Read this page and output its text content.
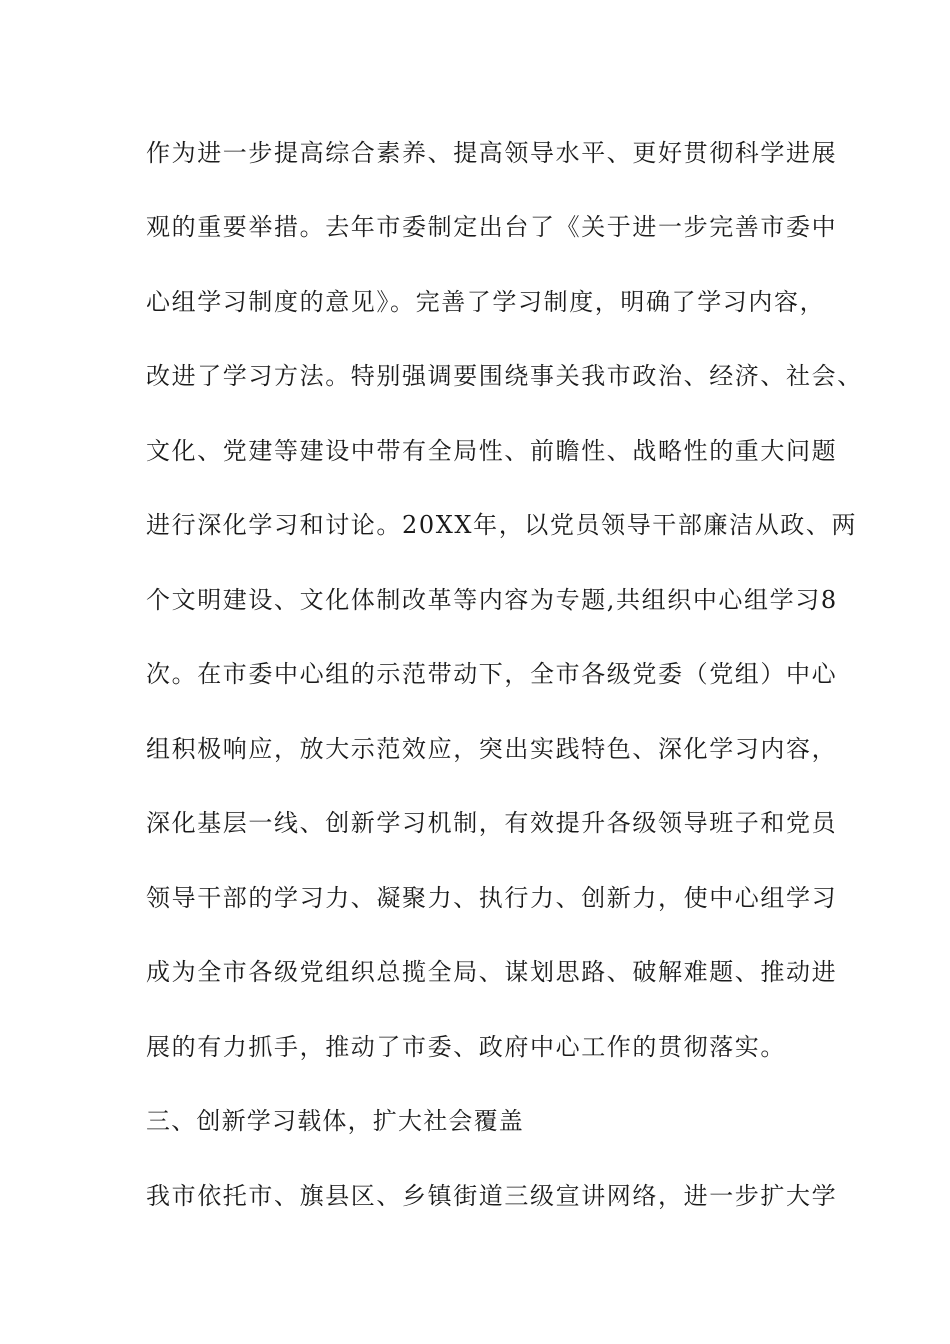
作为进一步提高综合素养、提高领导水平、更好贯彻科学进展
观的重要举措。去年市委制定出台了《关于进一步完善市委中
心组学习制度的意见》。完善了学习制度，明确了学习内容，
改进了学习方法。特别强调要围绕事关我市政治、经济、社会、
文化、党建等建设中带有全局性、前瞻性、战略性的重大问题
进行深化学习和讨论。20XX年，以党员领导干部廉洁从政、两
个文明建设、文化体制改革等内容为专题,共组织中心组学习8
次。在市委中心组的示范带动下，全市各级党委（党组）中心
组积极响应，放大示范效应，突出实践特色、深化学习内容，
深化基层一线、创新学习机制，有效提升各级领导班子和党员
领导干部的学习力、凝聚力、执行力、创新力，使中心组学习
成为全市各级党组织总揽全局、谋划思路、破解难题、推动进
展的有力抓手，推动了市委、政府中心工作的贯彻落实。
三、创新学习载体，扩大社会覆盖
我市依托市、旗县区、乡镇街道三级宣讲网络，进一步扩大学
